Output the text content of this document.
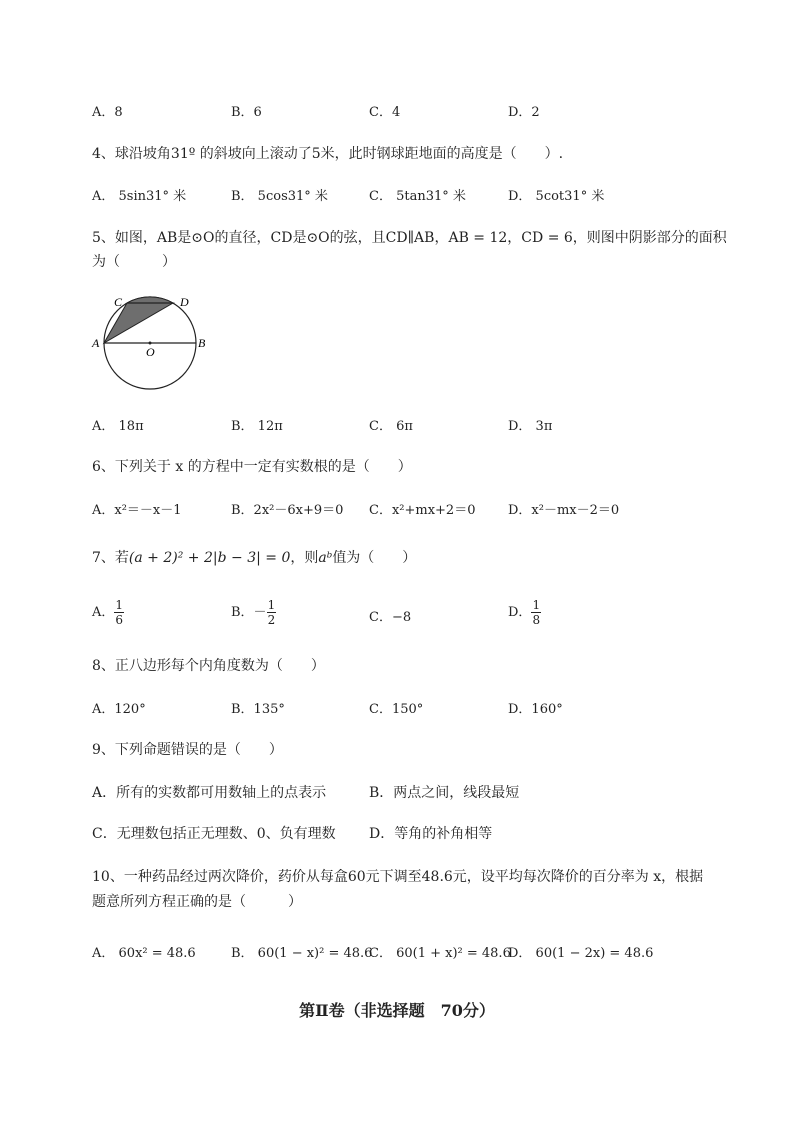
A．8	B．6	C．4	D．2
4、球沿坡角31º 的斜坡向上滚动了5米，此时钢球距地面的高度是（　　）.
A． 5sin31° 米	B． 5cos31° 米	C． 5tan31° 米	D． 5cot31° 米
5、如图，AB是⊙O的直径，CD是⊙O的弦，且CD∥AB，AB = 12，CD = 6，则图中阴影部分的面积
为（　　　）
C	D
A	B
O
A． 18π	B． 12π	C． 6π	D． 3π
6、下列关于 x 的方程中一定有实数根的是（　　）
A．x²＝－x－1	B．2x²－6x+9＝0 C．x²+mx+2＝0	D．x²－mx－2＝0
7、若(a + 2)² + 2|b − 3| = 0，则aᵇ值为（　　）
A． $\frac{1}{6}$	B．－ $\frac{1}{2}$	C．−8	D． $\frac{1}{8}$
8、正八边形每个内角度数为（　　）
A．120°	B．135°	C．150°	D．160°
9、下列命题错误的是（　　）
A．所有的实数都可用数轴上的点表示	B．两点之间，线段最短
C．无理数包括正无理数、0、负有理数 D．等角的补角相等
10、一种药品经过两次降价，药价从每盒60元下调至48.6元，设平均每次降价的百分率为 x，根据
题意所列方程正确的是（　　　）
A． 60x² = 48.6	B． 60(1 − x)² = 48.6
C． 60(1 + x)² = 48.6
D． 60(1 − 2x) = 48.6
第Ⅱ卷（非选择题　70分）
